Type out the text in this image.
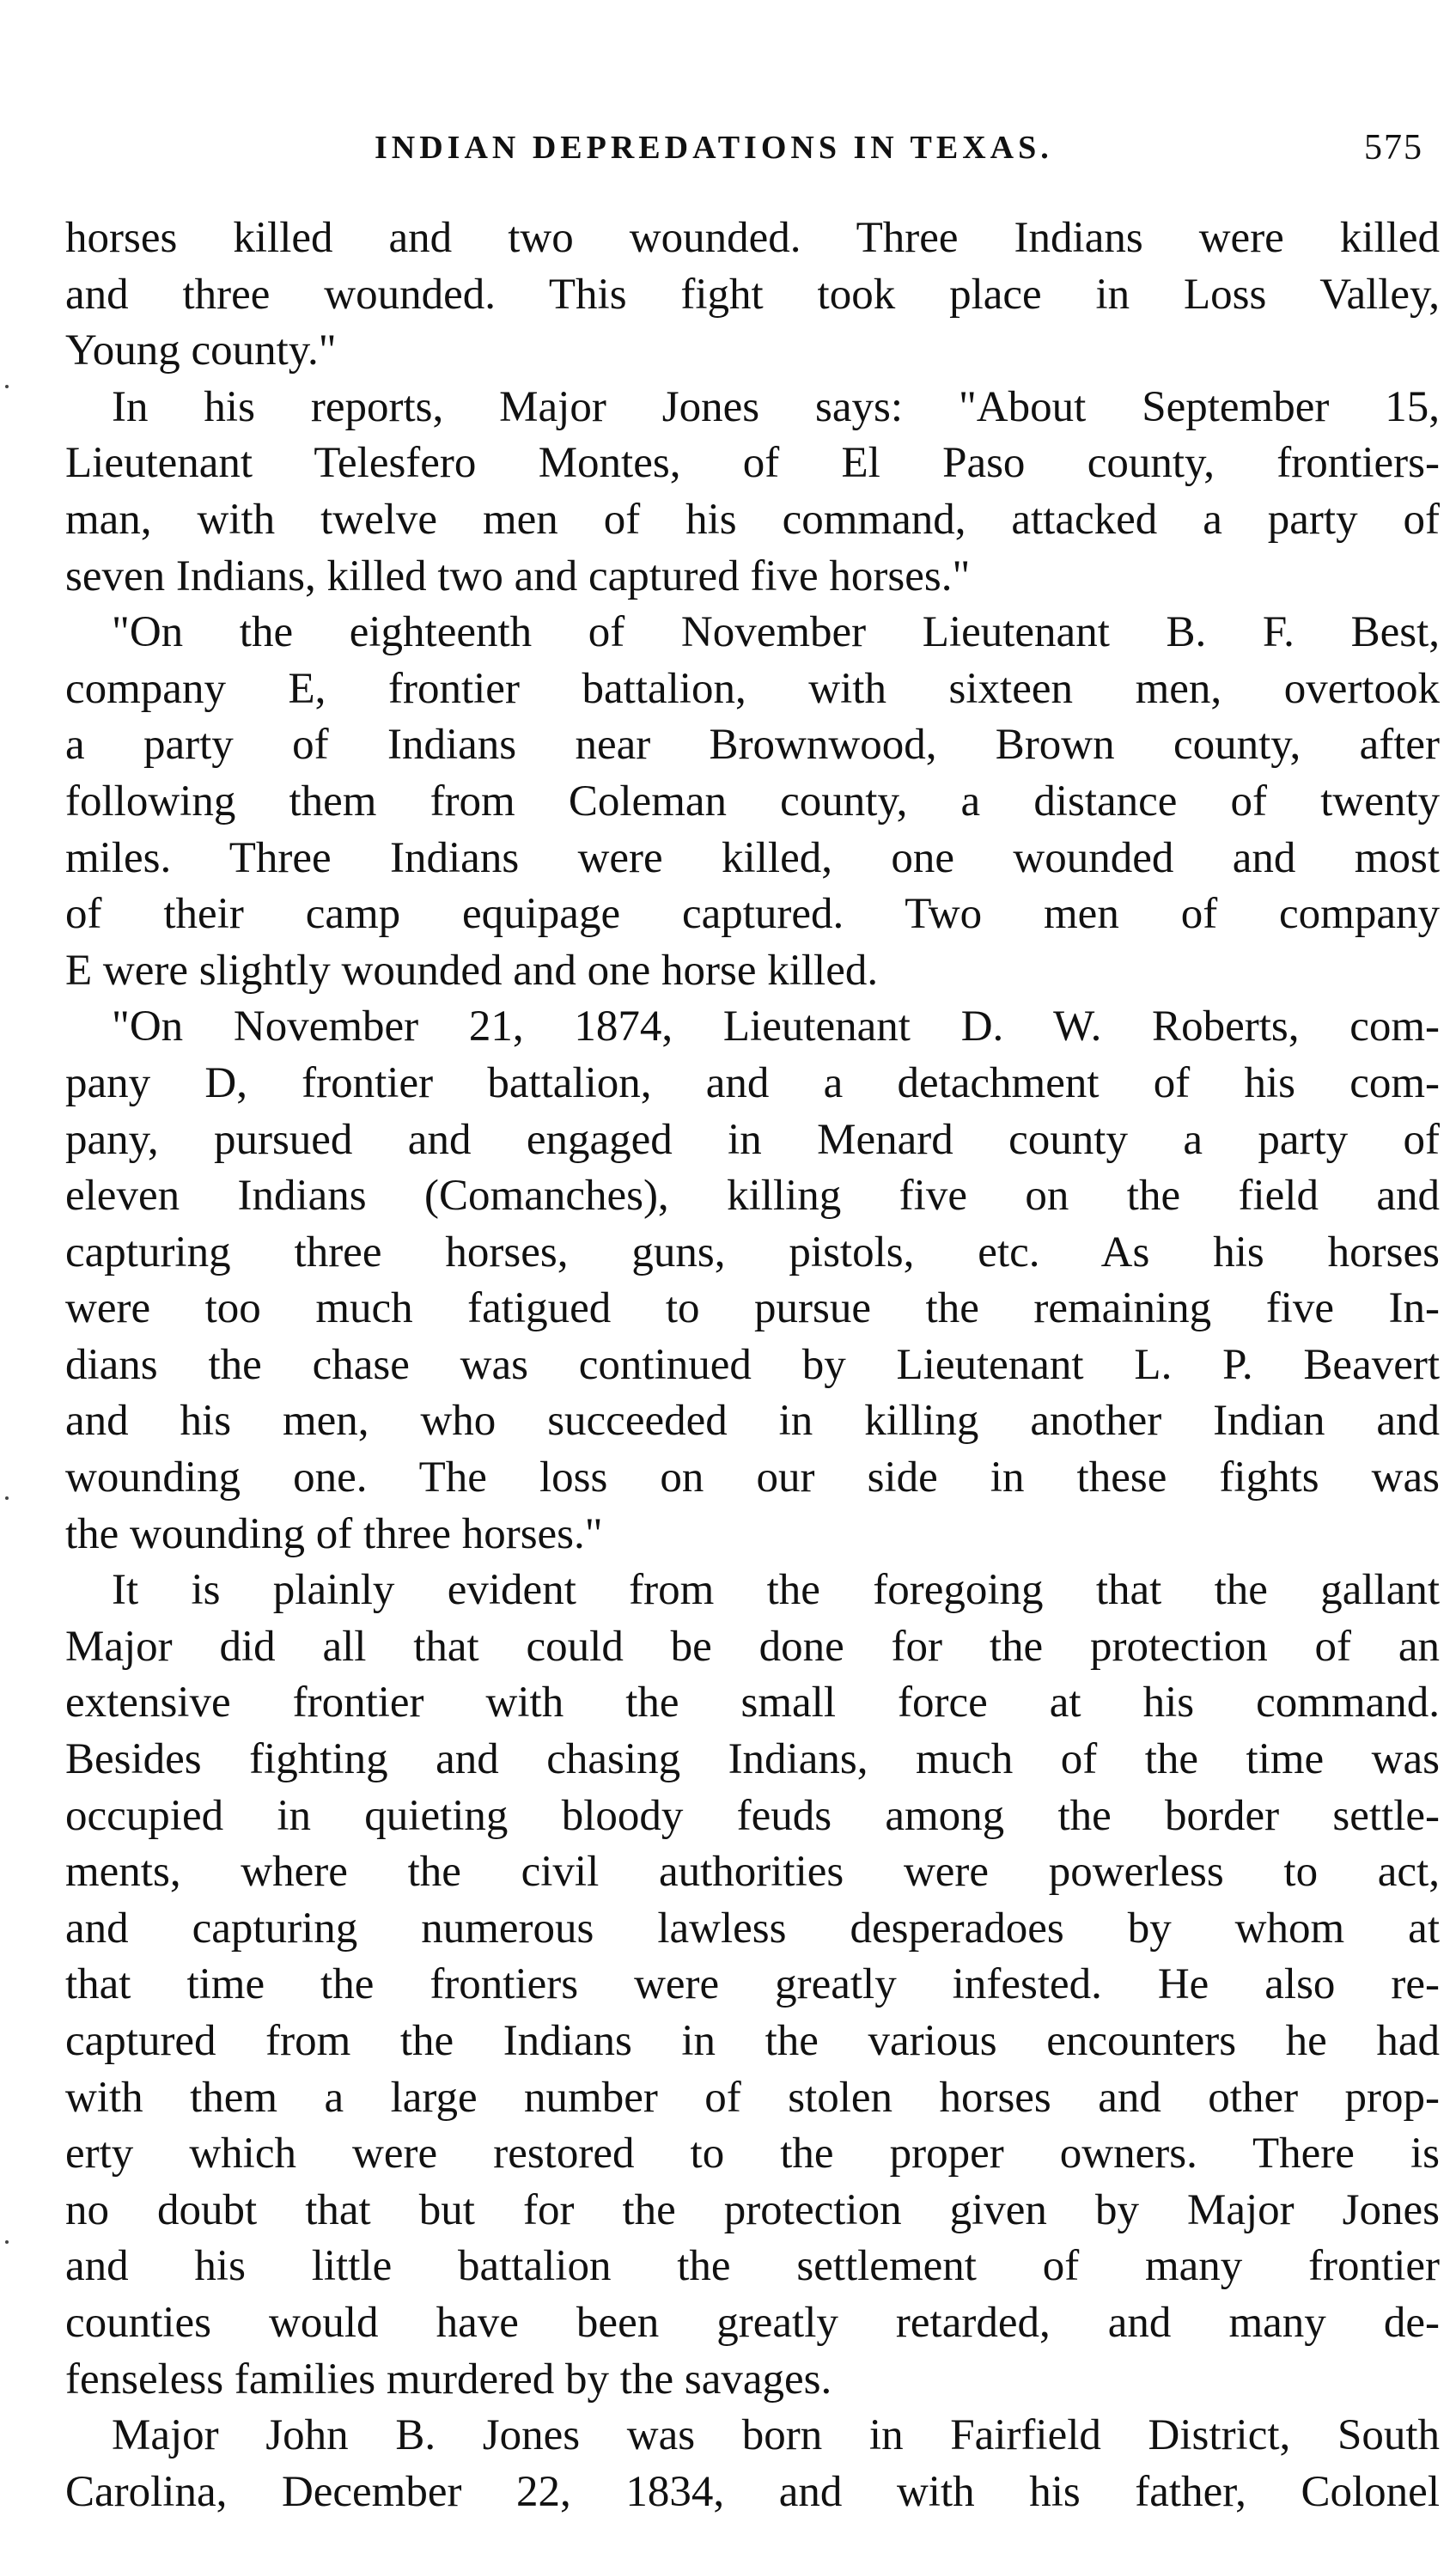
INDIAN DEPREDATIONS IN TEXAS.	575
horses killed and two wounded. Three Indians were killed
and three wounded. This fight took place in Loss Valley,
Young county."
In his reports, Major Jones says: "About September 15,
Lieutenant Telesfero Montes, of El Paso county, frontiers-
man, with twelve men of his command, attacked a party of
seven Indians, killed two and captured five horses."
"On the eighteenth of November Lieutenant B. F. Best,
company E, frontier battalion, with sixteen men, overtook
a party of Indians near Brownwood, Brown county, after
following them from Coleman county, a distance of twenty
miles. Three Indians were killed, one wounded and most
of their camp equipage captured. Two men of company
E were slightly wounded and one horse killed.
"On November 21, 1874, Lieutenant D. W. Roberts, com-
pany D, frontier battalion, and a detachment of his com-
pany, pursued and engaged in Menard county a party of
eleven Indians (Comanches), killing five on the field and
capturing three horses, guns, pistols, etc. As his horses
were too much fatigued to pursue the remaining five In-
dians the chase was continued by Lieutenant L. P. Beavert
and his men, who succeeded in killing another Indian and
wounding one. The loss on our side in these fights was
the wounding of three horses."
It is plainly evident from the foregoing that the gallant
Major did all that could be done for the protection of an
extensive frontier with the small force at his command.
Besides fighting and chasing Indians, much of the time was
occupied in quieting bloody feuds among the border settle-
ments, where the civil authorities were powerless to act,
and capturing numerous lawless desperadoes by whom at
that time the frontiers were greatly infested. He also re-
captured from the Indians in the various encounters he had
with them a large number of stolen horses and other prop-
erty which were restored to the proper owners. There is
no doubt that but for the protection given by Major Jones
and his little battalion the settlement of many frontier
counties would have been greatly retarded, and many de-
fenseless families murdered by the savages.
Major John B. Jones was born in Fairfield District, South
Carolina, December 22, 1834, and with his father, Colonel
